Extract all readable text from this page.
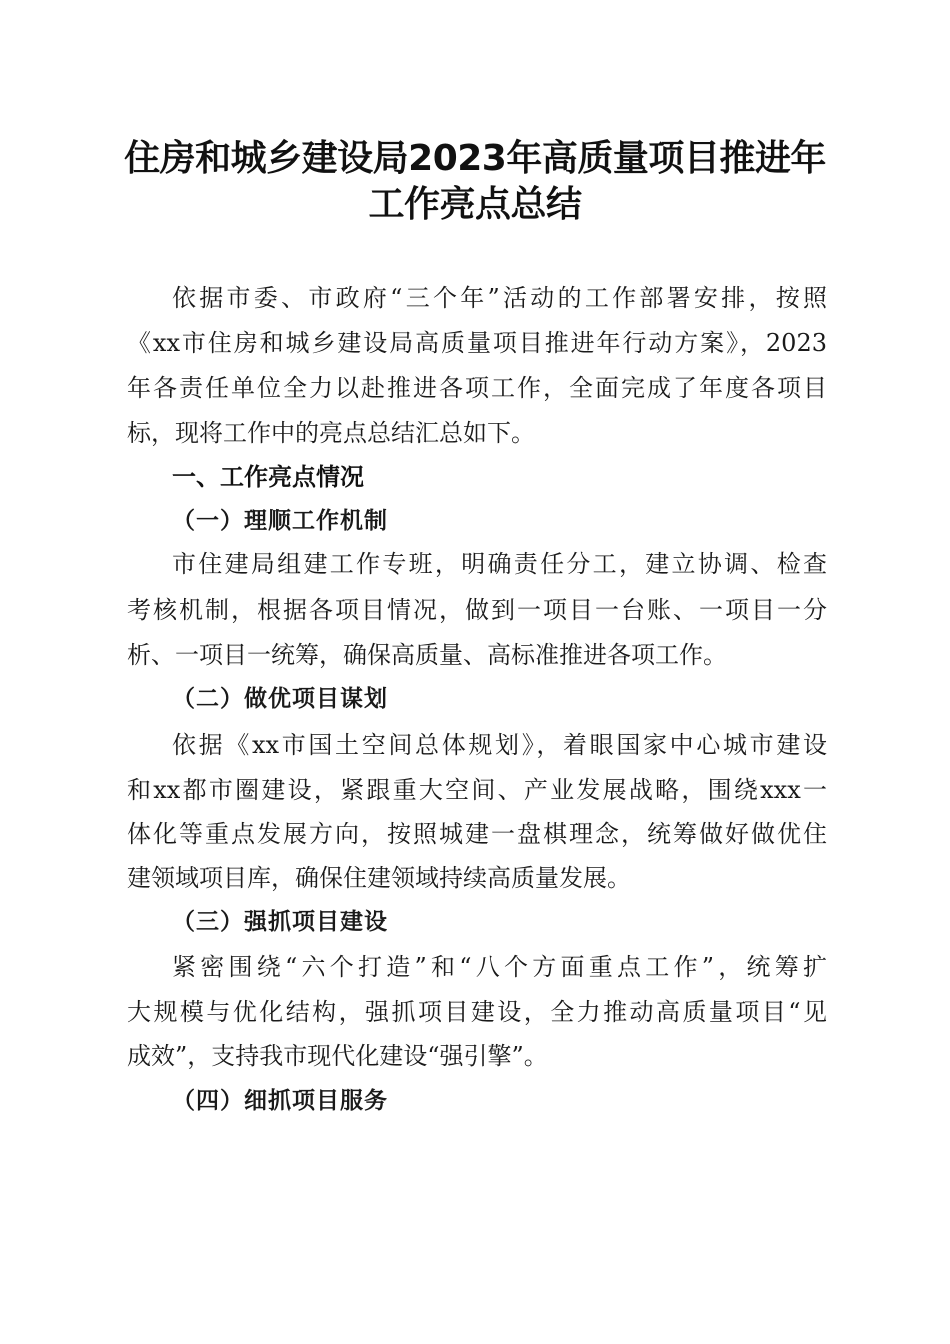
住房和城乡建设局2023年高质量项目推进年
工作亮点总结

依据市委、市政府“三个年”活动的工作部署安排，按照

《xx市住房和城乡建设局高质量项目推进年行动方案》，2023

年各责任单位全力以赴推进各项工作，全面完成了年度各项目

标，现将工作中的亮点总结汇总如下。

一、工作亮点情况
（一）理顺工作机制

市住建局组建工作专班，明确责任分工，建立协调、检查

考核机制，根据各项目情况，做到一项目一台账、一项目一分

析、一项目一统筹，确保高质量、高标准推进各项工作。

（二）做优项目谋划

依据《xx市国土空间总体规划》，着眼国家中心城市建设

和xx都市圈建设，紧跟重大空间、产业发展战略，围绕xxx一

体化等重点发展方向，按照城建一盘棋理念，统筹做好做优住

建领域项目库，确保住建领域持续高质量发展。

（三）强抓项目建设

紧密围绕“六个打造”和“八个方面重点工作”，统筹扩

大规模与优化结构，强抓项目建设，全力推动高质量项目“见

成效”，支持我市现代化建设“强引擎”。

（四）细抓项目服务
